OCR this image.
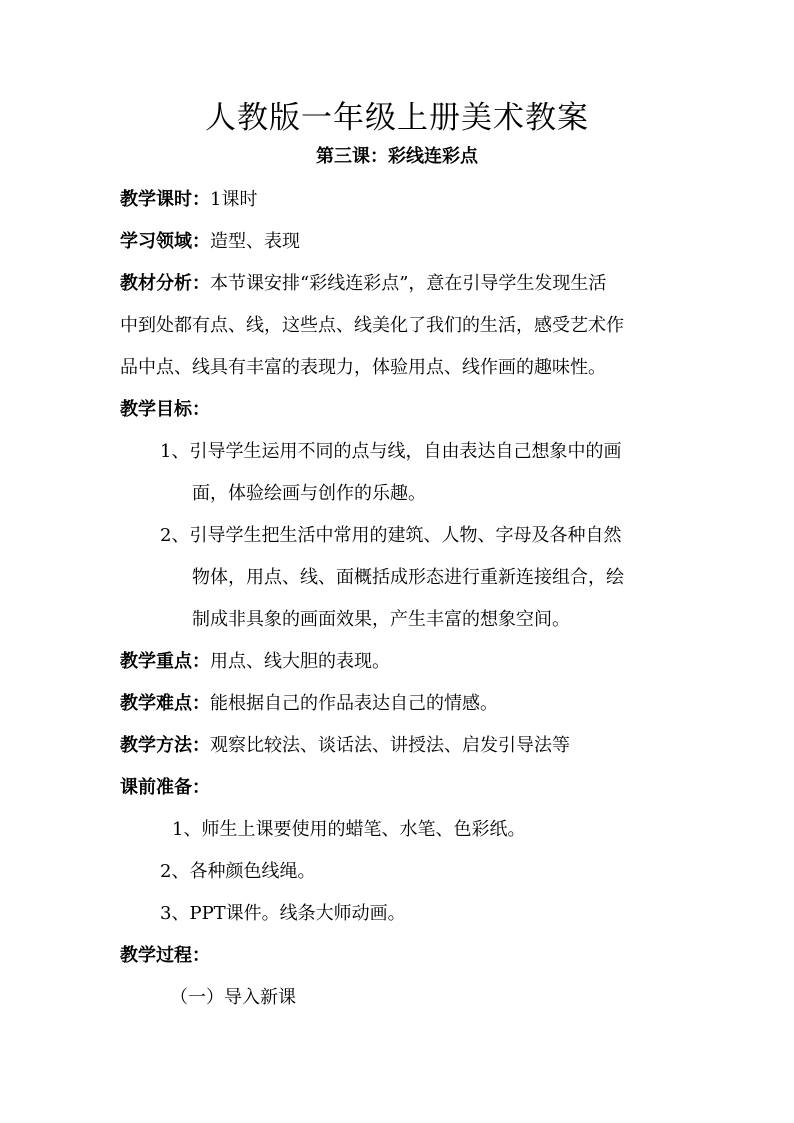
人教版一年级上册美术教案
第三课：彩线连彩点
教学课时：1课时
学习领域：造型、表现
教材分析：本节课安排“彩线连彩点”，意在引导学生发现生活
中到处都有点、线，这些点、线美化了我们的生活，感受艺术作
品中点、线具有丰富的表现力，体验用点、线作画的趣味性。
教学目标：
1、引导学生运用不同的点与线，自由表达自己想象中的画
面，体验绘画与创作的乐趣。
2、引导学生把生活中常用的建筑、人物、字母及各种自然
物体，用点、线、面概括成形态进行重新连接组合，绘
制成非具象的画面效果，产生丰富的想象空间。
教学重点：用点、线大胆的表现。
教学难点：能根据自己的作品表达自己的情感。
教学方法：观察比较法、谈话法、讲授法、启发引导法等
课前准备：
1、师生上课要使用的蜡笔、水笔、色彩纸。
2、各种颜色线绳。
3、PPT课件。线条大师动画。
教学过程：
（一）导入新课
